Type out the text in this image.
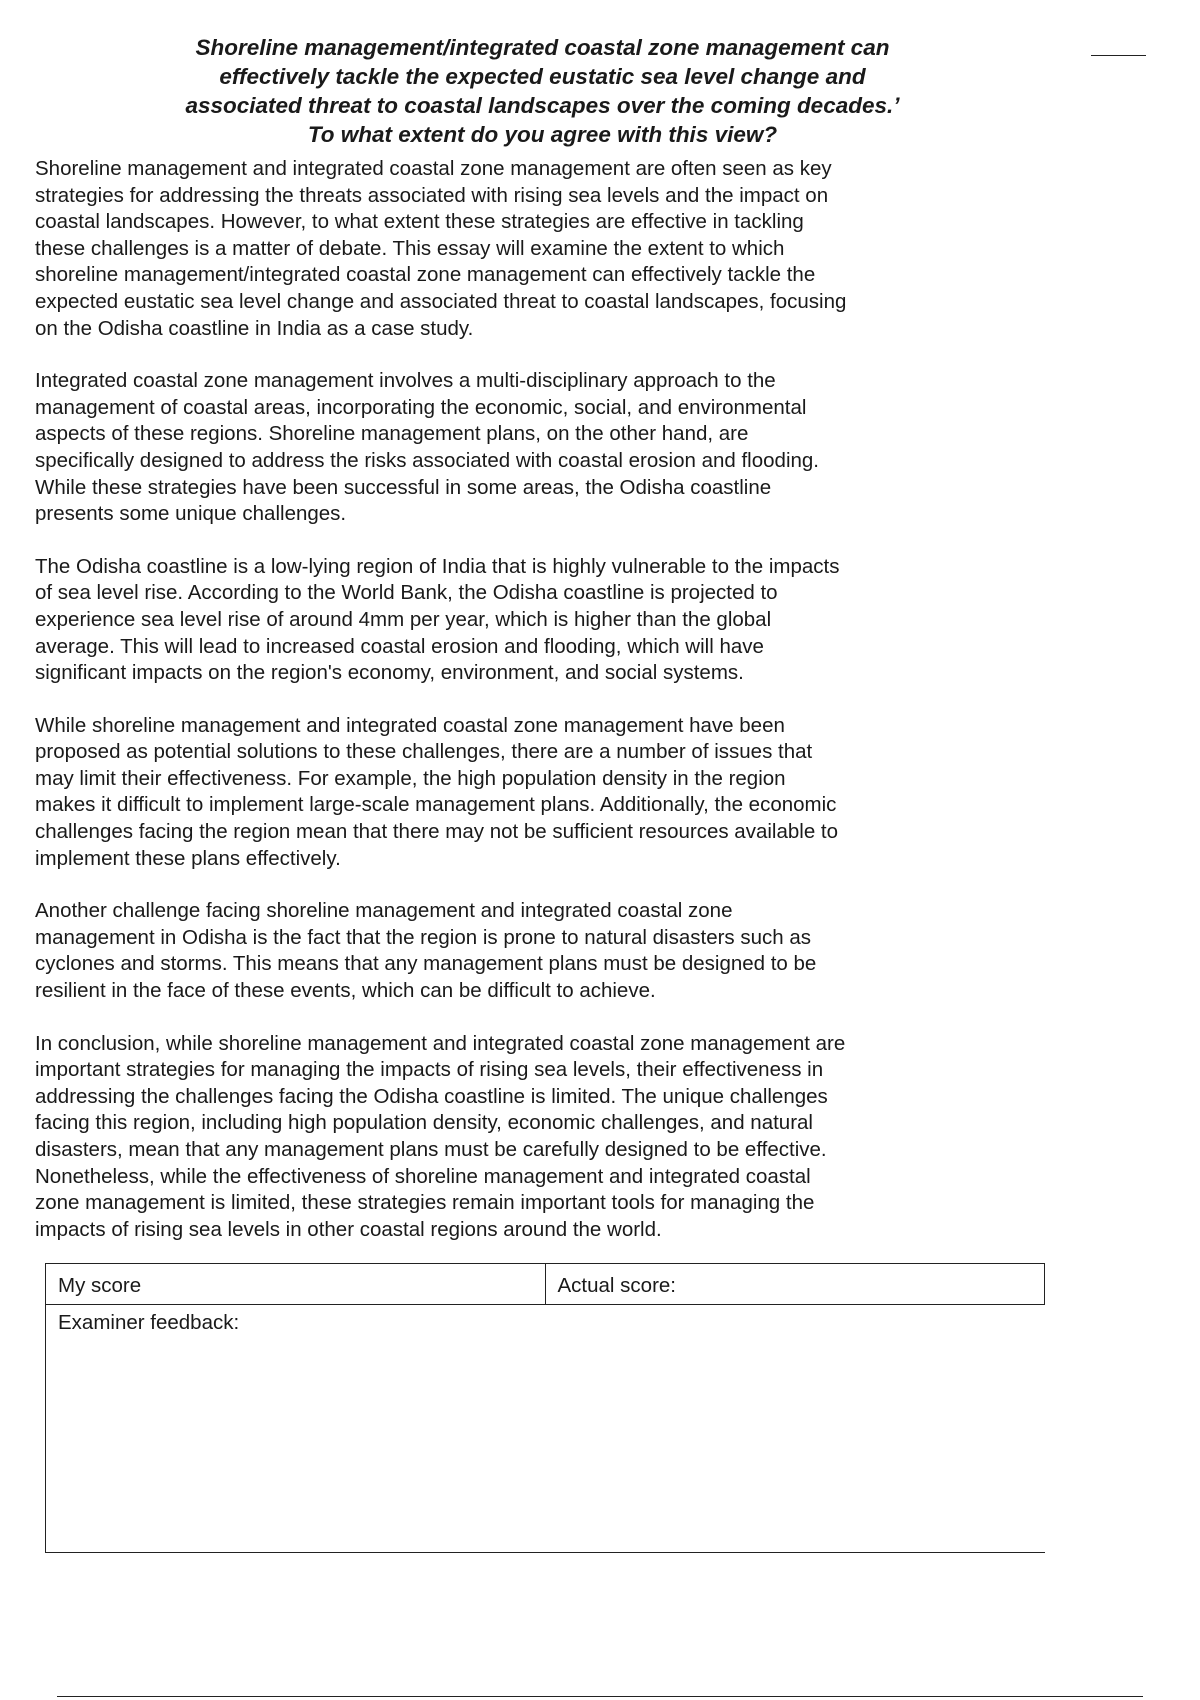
Shoreline management/integrated coastal zone management can
effectively tackle the expected eustatic sea level change and
associated threat to coastal landscapes over the coming decades.’
To what extent do you agree with this view?

Shoreline management and integrated coastal zone management are often seen as key
strategies for addressing the threats associated with rising sea levels and the impact on
coastal landscapes. However, to what extent these strategies are effective in tackling
these challenges is a matter of debate. This essay will examine the extent to which
shoreline management/integrated coastal zone management can effectively tackle the
expected eustatic sea level change and associated threat to coastal landscapes, focusing
on the Odisha coastline in India as a case study.

Integrated coastal zone management involves a multi-disciplinary approach to the
management of coastal areas, incorporating the economic, social, and environmental
aspects of these regions. Shoreline management plans, on the other hand, are
specifically designed to address the risks associated with coastal erosion and flooding.
While these strategies have been successful in some areas, the Odisha coastline
presents some unique challenges.

The Odisha coastline is a low-lying region of India that is highly vulnerable to the impacts
of sea level rise. According to the World Bank, the Odisha coastline is projected to
experience sea level rise of around 4mm per year, which is higher than the global
average. This will lead to increased coastal erosion and flooding, which will have
significant impacts on the region's economy, environment, and social systems.

While shoreline management and integrated coastal zone management have been
proposed as potential solutions to these challenges, there are a number of issues that
may limit their effectiveness. For example, the high population density in the region
makes it difficult to implement large-scale management plans. Additionally, the economic
challenges facing the region mean that there may not be sufficient resources available to
implement these plans effectively.

Another challenge facing shoreline management and integrated coastal zone
management in Odisha is the fact that the region is prone to natural disasters such as
cyclones and storms. This means that any management plans must be designed to be
resilient in the face of these events, which can be difficult to achieve.

In conclusion, while shoreline management and integrated coastal zone management are
important strategies for managing the impacts of rising sea levels, their effectiveness in
addressing the challenges facing the Odisha coastline is limited. The unique challenges
facing this region, including high population density, economic challenges, and natural
disasters, mean that any management plans must be carefully designed to be effective.
Nonetheless, while the effectiveness of shoreline management and integrated coastal
zone management is limited, these strategies remain important tools for managing the
impacts of rising sea levels in other coastal regions around the world.

My score	Actual score:
Examiner feedback:
